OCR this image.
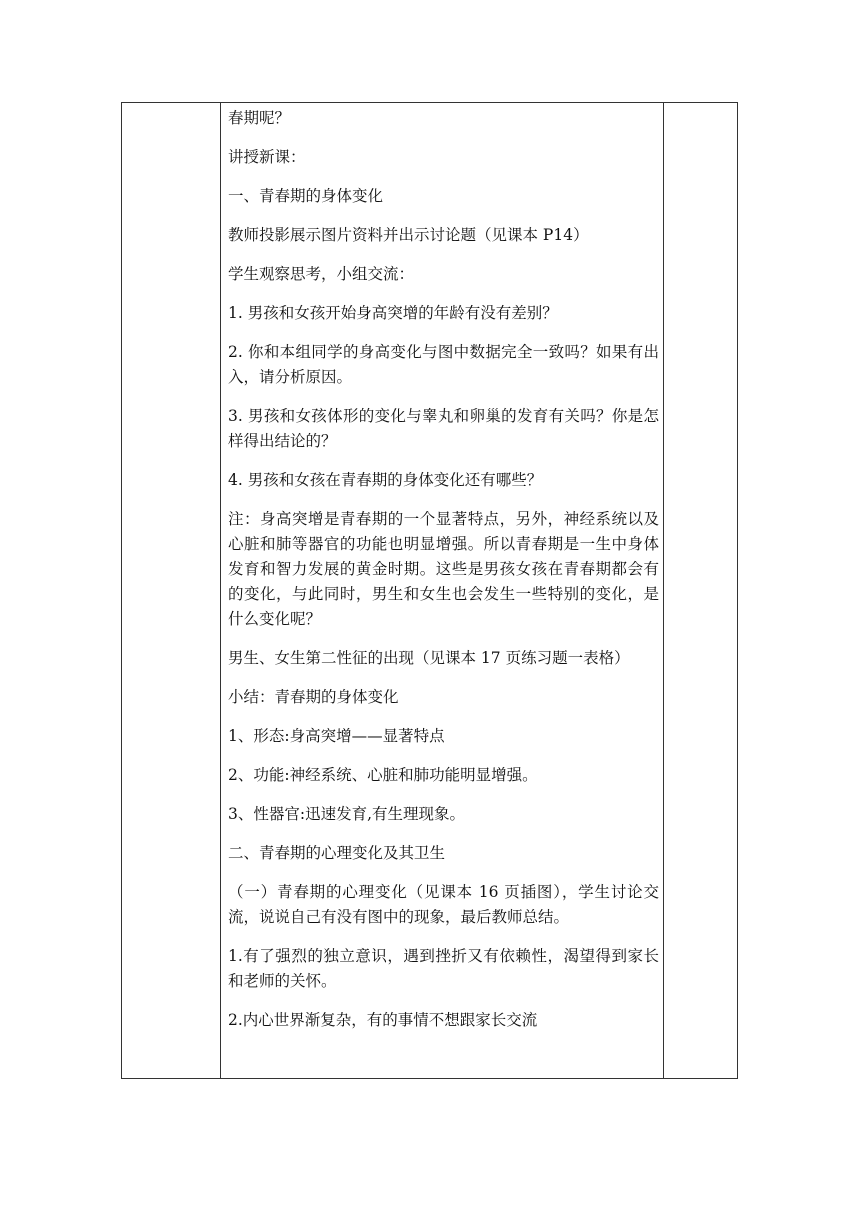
春期呢？

讲授新课：

一、青春期的身体变化

教师投影展示图片资料并出示讨论题（见课本 P14）

学生观察思考，小组交流：

1. 男孩和女孩开始身高突增的年龄有没有差别？

2. 你和本组同学的身高变化与图中数据完全一致吗？如果有出入，请分析原因。

3. 男孩和女孩体形的变化与睾丸和卵巢的发育有关吗？你是怎样得出结论的？

4. 男孩和女孩在青春期的身体变化还有哪些？

注：身高突增是青春期的一个显著特点，另外，神经系统以及心脏和肺等器官的功能也明显增强。所以青春期是一生中身体发育和智力发展的黄金时期。这些是男孩女孩在青春期都会有的变化，与此同时，男生和女生也会发生一些特别的变化，是什么变化呢？

男生、女生第二性征的出现（见课本 17 页练习题一表格）

小结：青春期的身体变化

1、形态:身高突增——显著特点

2、功能:神经系统、心脏和肺功能明显增强。

3、性器官:迅速发育,有生理现象。

二、青春期的心理变化及其卫生

（一）青春期的心理变化（见课本 16 页插图），学生讨论交流，说说自己有没有图中的现象，最后教师总结。

1.有了强烈的独立意识，遇到挫折又有依赖性，渴望得到家长和老师的关怀。

2.内心世界渐复杂，有的事情不想跟家长交流
